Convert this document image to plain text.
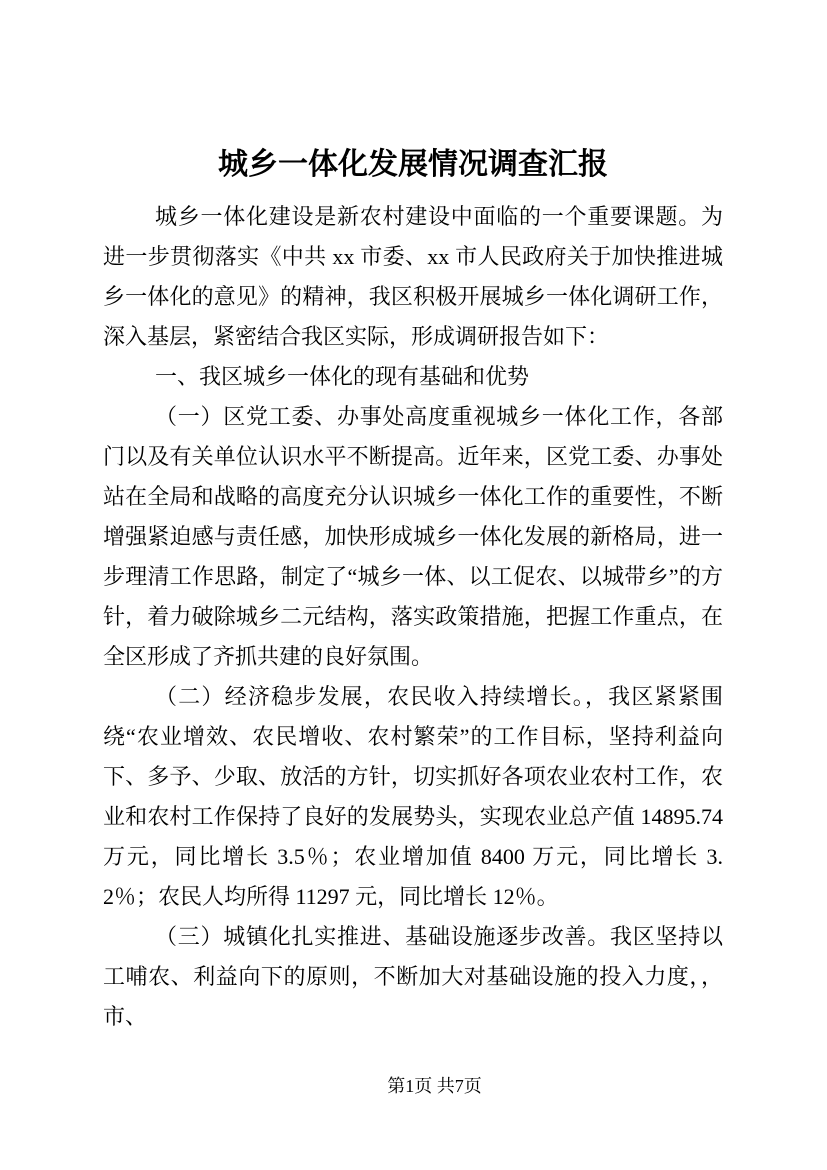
城乡一体化发展情况调查汇报

城乡一体化建设是新农村建设中面临的一个重要课题。为进一步贯彻落实《中共 xx 市委、xx 市人民政府关于加快推进城乡一体化的意见》的精神，我区积极开展城乡一体化调研工作，深入基层，紧密结合我区实际，形成调研报告如下：

一、我区城乡一体化的现有基础和优势

（一）区党工委、办事处高度重视城乡一体化工作，各部门以及有关单位认识水平不断提高。近年来，区党工委、办事处站在全局和战略的高度充分认识城乡一体化工作的重要性，不断增强紧迫感与责任感，加快形成城乡一体化发展的新格局，进一步理清工作思路，制定了“城乡一体、以工促农、以城带乡”的方针，着力破除城乡二元结构，落实政策措施，把握工作重点，在全区形成了齐抓共建的良好氛围。

（二）经济稳步发展，农民收入持续增长。，我区紧紧围绕“农业增效、农民增收、农村繁荣”的工作目标，坚持利益向下、多予、少取、放活的方针，切实抓好各项农业农村工作，农业和农村工作保持了良好的发展势头，实现农业总产值 14895.74 万元，同比增长 3.5％；农业增加值 8400 万元，同比增长 3.2％；农民人均所得 11297 元，同比增长 12％。

（三）城镇化扎实推进、基础设施逐步改善。我区坚持以工哺农、利益向下的原则，不断加大对基础设施的投入力度，，市、

第1页 共7页
